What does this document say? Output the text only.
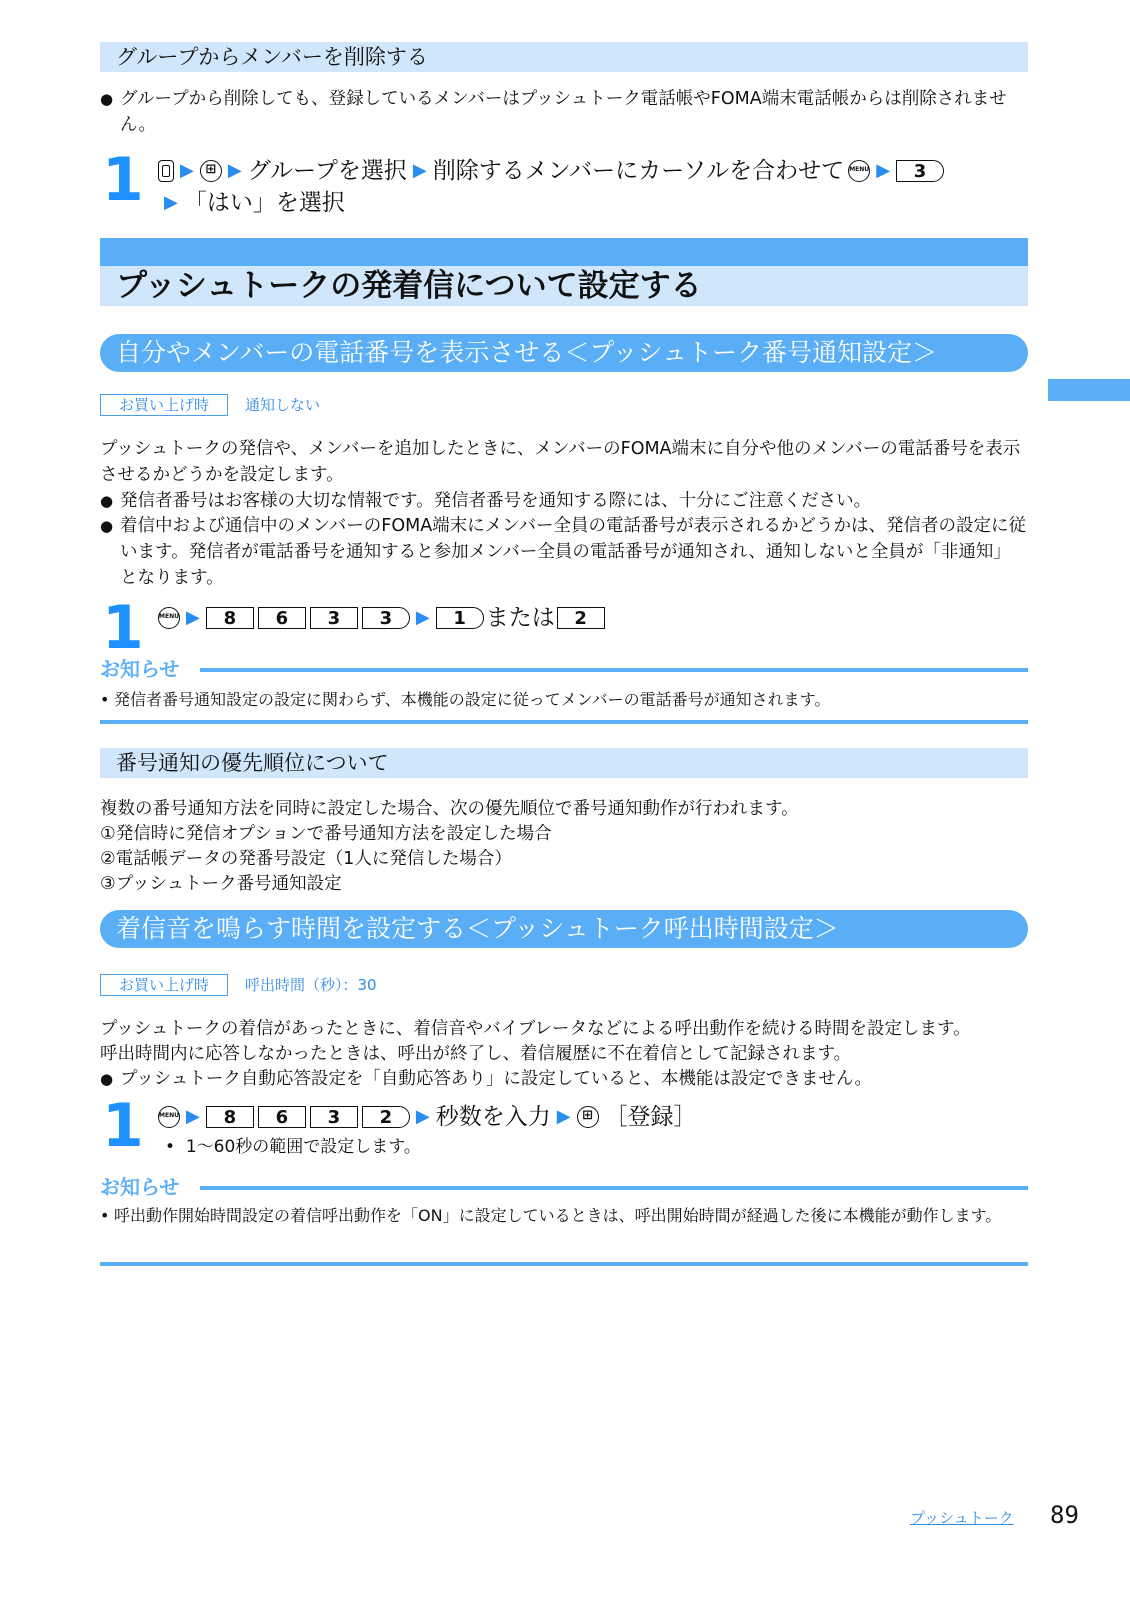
グループからメンバーを削除する
● グループから削除しても、登録しているメンバーはプッシュトーク電話帳やFOMA端末電話帳からは削除されません。
1 ▶ ⊞ ▶ グループを選択 ▶ 削除するメンバーにカーソルを合わせて MENU ▶	3
▶ 「はい」を選択
プッシュトークの発着信について設定する
自分やメンバーの電話番号を表示させる＜プッシュトーク番号通知設定＞
お買い上げ時	通知しない
プッシュトークの発信や、メンバーを追加したときに、メンバーのFOMA端末に自分や他のメンバーの電話番号を表示させるかどうかを設定します。
● 発信者番号はお客様の大切な情報です。発信者番号を通知する際には、十分にご注意ください。
● 着信中および通信中のメンバーのFOMA端末にメンバー全員の電話番号が表示されるかどうかは、発信者の設定に従います。発信者が電話番号を通知すると参加メンバー全員の電話番号が通知され、通知しないと全員が「非通知」となります。
1	MENU ▶	8	6	3	3	▶	1 または	2
お知らせ
• 発信者番号通知設定の設定に関わらず、本機能の設定に従ってメンバーの電話番号が通知されます。
番号通知の優先順位について
複数の番号通知方法を同時に設定した場合、次の優先順位で番号通知動作が行われます。
①発信時に発信オプションで番号通知方法を設定した場合
②電話帳データの発番号設定（1人に発信した場合）
③プッシュトーク番号通知設定
着信音を鳴らす時間を設定する＜プッシュトーク呼出時間設定＞
お買い上げ時	呼出時間（秒）：30
プッシュトークの着信があったときに、着信音やバイブレータなどによる呼出動作を続ける時間を設定します。
呼出時間内に応答しなかったときは、呼出が終了し、着信履歴に不在着信として記録されます。
● プッシュトーク自動応答設定を「自動応答あり」に設定していると、本機能は設定できません。
1	MENU ▶	8	6	3	2	▶ 秒数を入力 ▶ ⊞ ［登録］
•  1～60秒の範囲で設定します。
お知らせ
• 呼出動作開始時間設定の着信呼出動作を「ON」に設定しているときは、呼出開始時間が経過した後に本機能が動作します。
プッシュトーク 89
